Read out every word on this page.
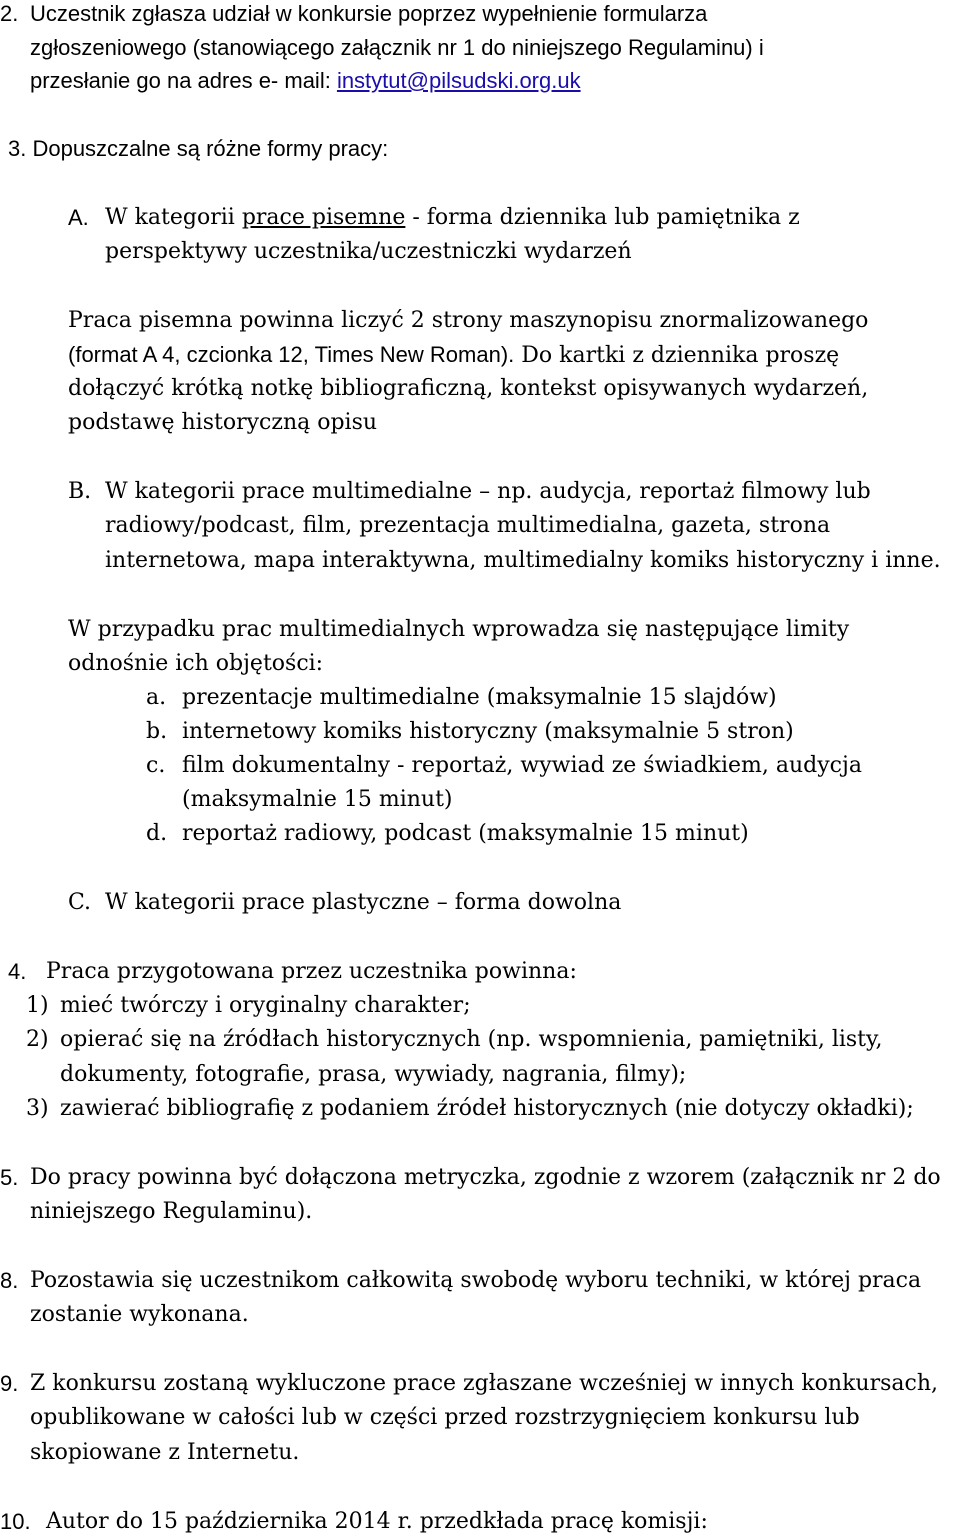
2. Uczestnik zgłasza udział w konkursie poprzez wypełnienie formularza
zgłoszeniowego (stanowiącego załącznik nr 1 do niniejszego Regulaminu) i
przesłanie go na adres e- mail: instytut@pilsudski.org.uk
3. Dopuszczalne są różne formy pracy:
A. W kategorii prace pisemne - forma dziennika lub pamiętnika z
perspektywy uczestnika/uczestniczki wydarzeń
Praca pisemna powinna liczyć 2 strony maszynopisu znormalizowanego
(format A 4, czcionka 12, Times New Roman). Do kartki z dziennika proszę
dołączyć krótką notkę bibliograficzną, kontekst opisywanych wydarzeń,
podstawę historyczną opisu
B. W kategorii prace multimedialne – np. audycja, reportaż filmowy lub
radiowy/podcast, film, prezentacja multimedialna, gazeta, strona
internetowa, mapa interaktywna, multimedialny komiks historyczny i inne.
W przypadku prac multimedialnych wprowadza się następujące limity
odnośnie ich objętości:
a. prezentacje multimedialne (maksymalnie 15 slajdów)
b. internetowy komiks historyczny (maksymalnie 5 stron)
c. film dokumentalny - reportaż, wywiad ze świadkiem, audycja
(maksymalnie 15 minut)
d. reportaż radiowy, podcast (maksymalnie 15 minut)
C. W kategorii prace plastyczne – forma dowolna
4. Praca przygotowana przez uczestnika powinna:
1) mieć twórczy i oryginalny charakter;
2) opierać się na źródłach historycznych (np. wspomnienia, pamiętniki, listy,
dokumenty, fotografie, prasa, wywiady, nagrania, filmy);
3) zawierać bibliografię z podaniem źródeł historycznych (nie dotyczy okładki);
5. Do pracy powinna być dołączona metryczka, zgodnie z wzorem (załącznik nr 2 do
niniejszego Regulaminu).
8. Pozostawia się uczestnikom całkowitą swobodę wyboru techniki, w której praca
zostanie wykonana.
9. Z konkursu zostaną wykluczone prace zgłaszane wcześniej w innych konkursach,
opublikowane w całości lub w części przed rozstrzygnięciem konkursu lub
skopiowane z Internetu.
10. Autor do 15 października 2014 r. przedkłada pracę komisji:
